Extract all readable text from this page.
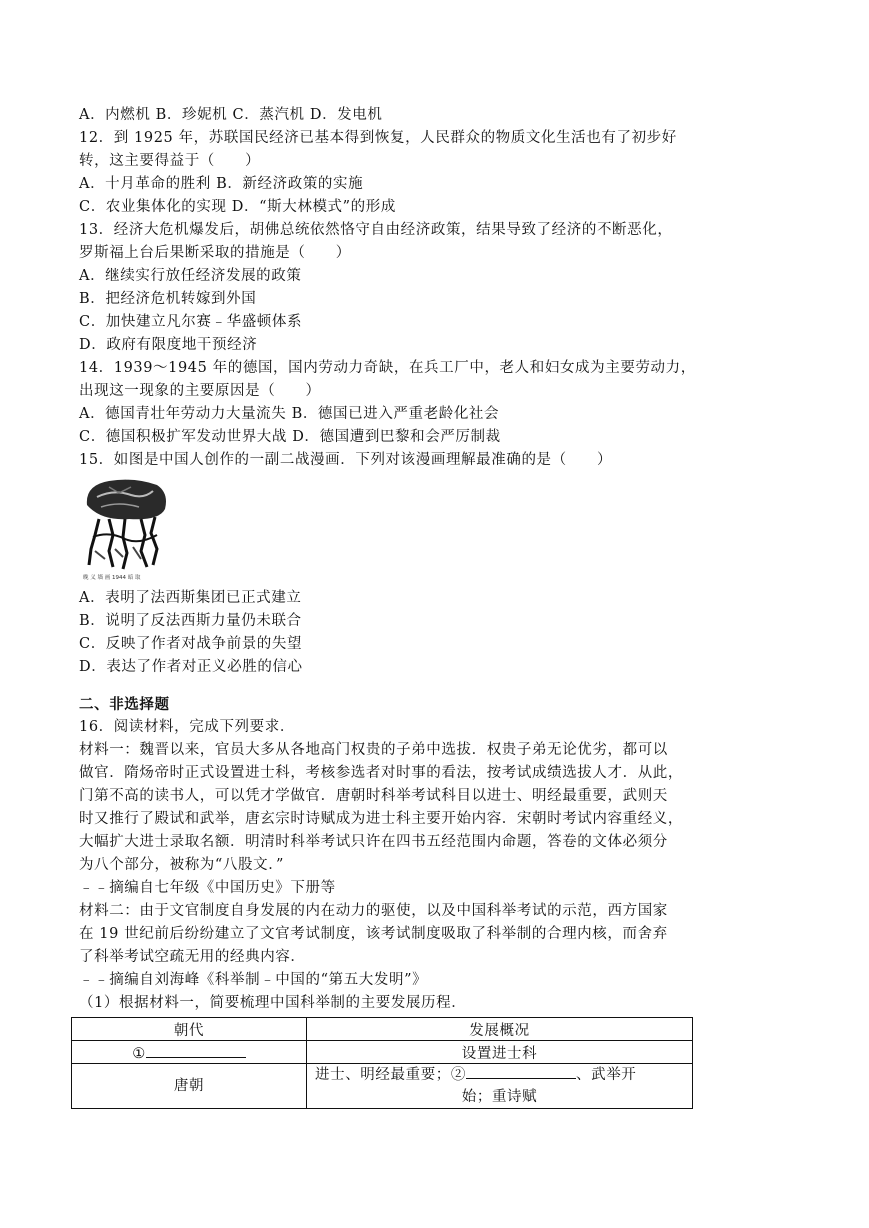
A．内燃机 B．珍妮机 C．蒸汽机 D．发电机
12．到 1925 年，苏联国民经济已基本得到恢复，人民群众的物质文化生活也有了初步好
转，这主要得益于（　　）
A．十月革命的胜利 B．新经济政策的实施
C．农业集体化的实现 D．“斯大林模式”的形成
13．经济大危机爆发后，胡佛总统依然恪守自由经济政策，结果导致了经济的不断恶化，
罗斯福上台后果断采取的措施是（　　）
A．继续实行放任经济发展的政策
B．把经济危机转嫁到外国
C．加快建立凡尔赛﹣华盛顿体系
D．政府有限度地干预经济
14．1939～1945 年的德国，国内劳动力奇缺，在兵工厂中，老人和妇女成为主要劳动力，
出现这一现象的主要原因是（　　）
A．德国青壮年劳动力大量流失 B．德国已进入严重老龄化社会
C．德国积极扩军发动世界大战 D．德国遭到巴黎和会严厉制裁
15．如图是中国人创作的一副二战漫画．下列对该漫画理解最准确的是（　　）
晚 义 墙 画 1944 暗 取
A．表明了法西斯集团已正式建立
B．说明了反法西斯力量仍未联合
C．反映了作者对战争前景的失望
D．表达了作者对正义必胜的信心
二、非选择题
16．阅读材料，完成下列要求．
材料一：魏晋以来，官员大多从各地高门权贵的子弟中选拔．权贵子弟无论优劣，都可以
做官．隋炀帝时正式设置进士科，考核参选者对时事的看法，按考试成绩选拔人才．从此，
门第不高的读书人，可以凭才学做官．唐朝时科举考试科目以进士、明经最重要，武则天
时又推行了殿试和武举，唐玄宗时诗赋成为进士科主要开始内容．宋朝时考试内容重经义，
大幅扩大进士录取名额．明清时科举考试只许在四书五经范围内命题，答卷的文体必须分
为八个部分，被称为“八股文．”
﹣﹣摘编自七年级《中国历史》下册等
材料二：由于文官制度自身发展的内在动力的驱使，以及中国科举考试的示范，西方国家
在 19 世纪前后纷纷建立了文官考试制度，该考试制度吸取了科举制的合理内核，而舍弃
了科举考试空疏无用的经典内容．
﹣﹣摘编自刘海峰《科举制﹣中国的“第五大发明”》
（1）根据材料一，简要梳理中国科举制的主要发展历程．
朝代	发展概况
①	设置进士科
唐朝	进士、明经最重要；② 、武举开
始；重诗赋
